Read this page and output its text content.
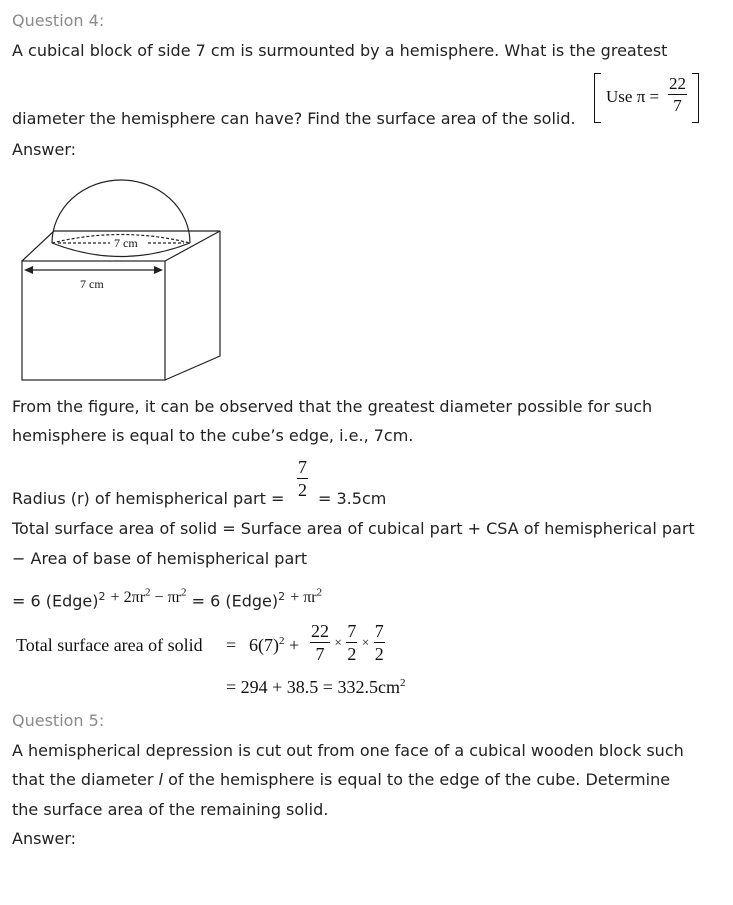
Question 4:
A cubical block of side 7 cm is surmounted by a hemisphere. What is the greatest
Use $\pi = \frac{22}{7}$
diameter the hemisphere can have? Find the surface area of the solid.
Answer:
7 cm
7 cm
From the figure, it can be observed that the greatest diameter possible for such
hemisphere is equal to the cube’s edge, i.e., 7cm.
Radius (r) of hemispherical part = $\frac{7}{2} = 3.5cm$
Total surface area of solid = Surface area of cubical part + CSA of hemispherical part
− Area of base of hemispherical part
= 6 (Edge)$^2$ + $2\pi r^2 - \pi r^2 = 6$ (Edge)$^2$ + $\pi r^2$
Total surface area of solid = $6(7)^2 + \frac{22}{7} \times \frac{7}{2} \times \frac{7}{2}$
= $294 + 38.5 = 332.5cm^2$
Question 5:
A hemispherical depression is cut out from one face of a cubical wooden block such
that the diameter l of the hemisphere is equal to the edge of the cube. Determine
the surface area of the remaining solid.
Answer:
